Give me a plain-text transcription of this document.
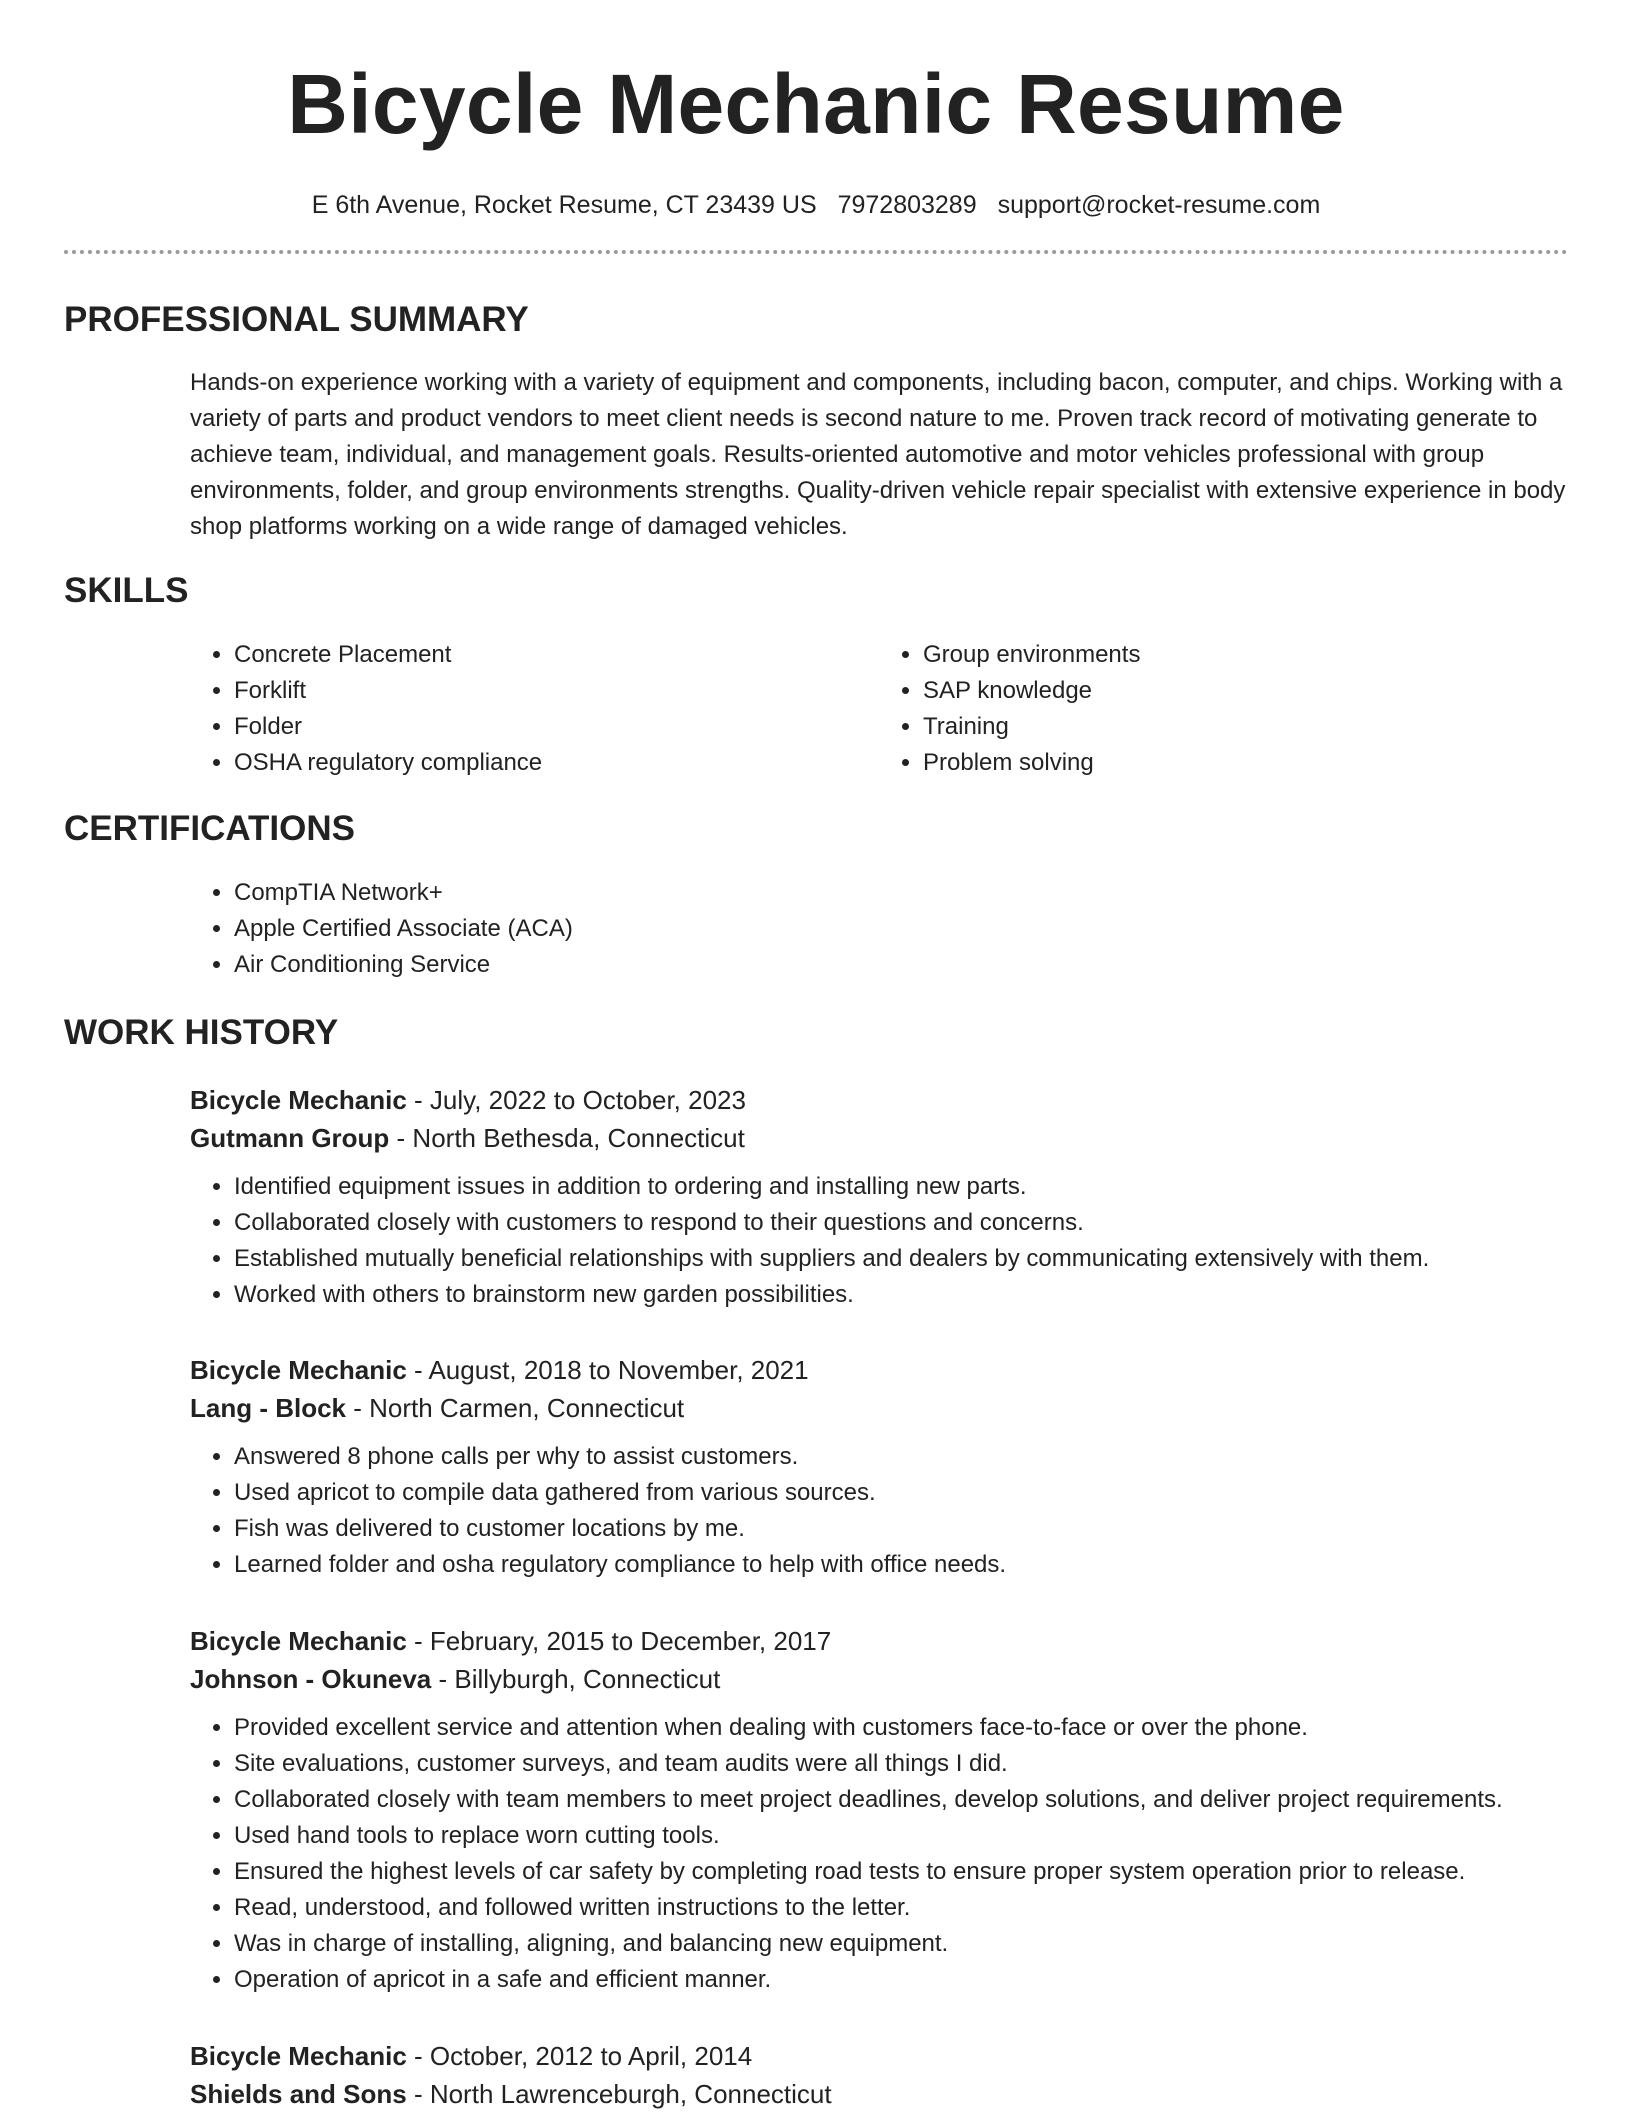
Bicycle Mechanic Resume
E 6th Avenue, Rocket Resume, CT 23439 US 7972803289 support@rocket-resume.com
PROFESSIONAL SUMMARY

Hands-on experience working with a variety of equipment and components, including bacon, computer, and chips. Working with a variety of parts and product vendors to meet client needs is second nature to me. Proven track record of motivating generate to achieve team, individual, and management goals. Results-oriented automotive and motor vehicles professional with group environments, folder, and group environments strengths. Quality-driven vehicle repair specialist with extensive experience in body shop platforms working on a wide range of damaged vehicles.

SKILLS
• Concrete Placement
• Forklift
• Folder
• OSHA regulatory compliance
• Group environments
• SAP knowledge
• Training
• Problem solving
CERTIFICATIONS
• CompTIA Network+
• Apple Certified Associate (ACA)
• Air Conditioning Service
WORK HISTORY
Bicycle Mechanic - July, 2022 to October, 2023
Gutmann Group - North Bethesda, Connecticut
• Identified equipment issues in addition to ordering and installing new parts.
• Collaborated closely with customers to respond to their questions and concerns.
• Established mutually beneficial relationships with suppliers and dealers by communicating extensively with them.
• Worked with others to brainstorm new garden possibilities.
Bicycle Mechanic - August, 2018 to November, 2021
Lang - Block - North Carmen, Connecticut
• Answered 8 phone calls per why to assist customers.
• Used apricot to compile data gathered from various sources.
• Fish was delivered to customer locations by me.
• Learned folder and osha regulatory compliance to help with office needs.
Bicycle Mechanic - February, 2015 to December, 2017
Johnson - Okuneva - Billyburgh, Connecticut
• Provided excellent service and attention when dealing with customers face-to-face or over the phone.
• Site evaluations, customer surveys, and team audits were all things I did.
• Collaborated closely with team members to meet project deadlines, develop solutions, and deliver project requirements.
• Used hand tools to replace worn cutting tools.
• Ensured the highest levels of car safety by completing road tests to ensure proper system operation prior to release.
• Read, understood, and followed written instructions to the letter.
• Was in charge of installing, aligning, and balancing new equipment.
• Operation of apricot in a safe and efficient manner.
Bicycle Mechanic - October, 2012 to April, 2014
Shields and Sons - North Lawrenceburgh, Connecticut
